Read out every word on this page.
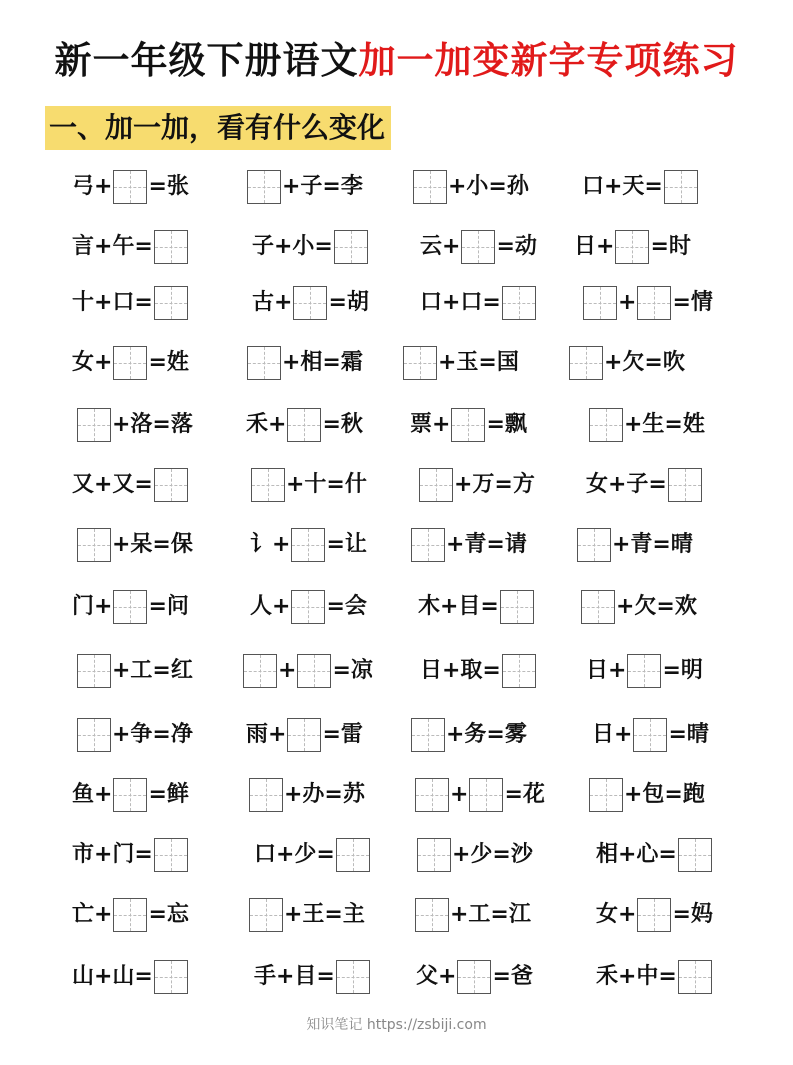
新一年级下册语文加一加变新字专项练习
一、加一加，看有什么变化
弓+ =张	+子=李	+小=孙 口+天=
言+午=	子+小=	云+ =动 日+ =时
十+口=	古+ =胡 口+口=	+ =情
女+ =姓	+相=霜	+玉=国	+欠=吹
+洛=落 禾+ =秋 票+ =飘	+生=姓
又+又=	+十=什	+万=方 女+子=
+呆=保	讠+ =让	+青=请	+青=晴
门+ =问	人+ =会 木+目=	+欠=欢
+工=红	+ =凉 日+取=	日+ =明
+争=净 雨+ =雷	+务=雾	日+ =晴
鱼+ =鲜	+办=苏	+ =花	+包=跑
市+门=	口+少=	+少=沙	相+心=
亡+ =忘	+王=主	+工=江	女+ =妈
山+山=	手+目=	父+ =爸	禾+中=
知识笔记 https://zsbiji.com
